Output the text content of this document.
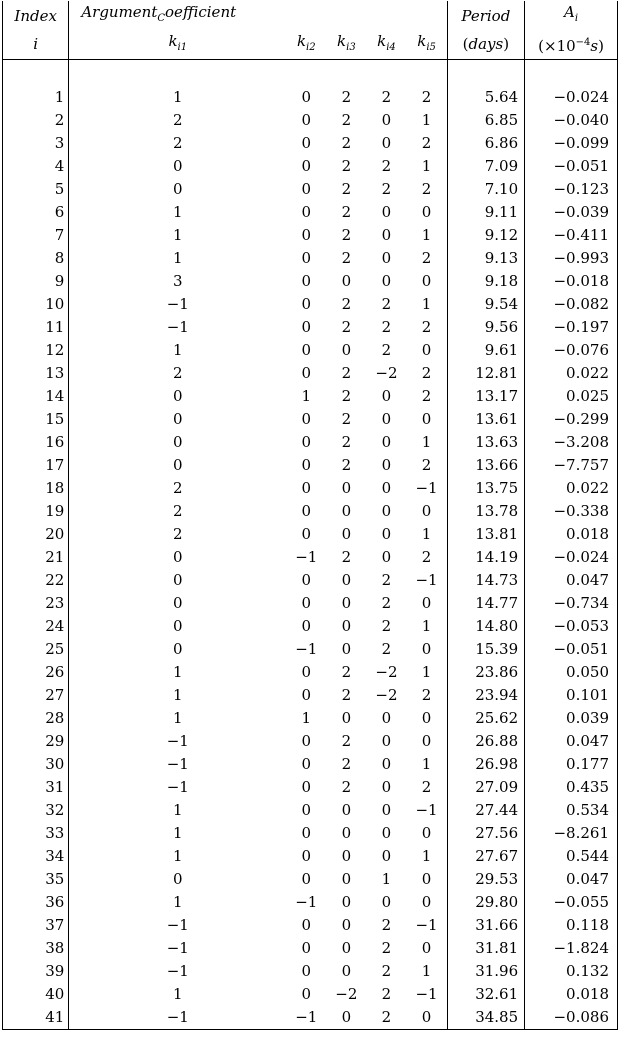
Index	Argument$_C$oefficient					Period	$A_i$
i	$k_{i1}$	$k_{i2}$	$k_{i3}$	$k_{i4}$	$k_{i5}$	(days)	$(\times 10^{-4}s)$

1	1	0	2	2	2	5.64	−0.024
2	2	0	2	0	1	6.85	−0.040
3	2	0	2	0	2	6.86	−0.099
4	0	0	2	2	1	7.09	−0.051
5	0	0	2	2	2	7.10	−0.123
6	1	0	2	0	0	9.11	−0.039
7	1	0	2	0	1	9.12	−0.411
8	1	0	2	0	2	9.13	−0.993
9	3	0	0	0	0	9.18	−0.018
10	−1	0	2	2	1	9.54	−0.082
11	−1	0	2	2	2	9.56	−0.197
12	1	0	0	2	0	9.61	−0.076
13	2	0	2	−2	2	12.81	0.022
14	0	1	2	0	2	13.17	0.025
15	0	0	2	0	0	13.61	−0.299
16	0	0	2	0	1	13.63	−3.208
17	0	0	2	0	2	13.66	−7.757
18	2	0	0	0	−1	13.75	0.022
19	2	0	0	0	0	13.78	−0.338
20	2	0	0	0	1	13.81	0.018
21	0	−1	2	0	2	14.19	−0.024
22	0	0	0	2	−1	14.73	0.047
23	0	0	0	2	0	14.77	−0.734
24	0	0	0	2	1	14.80	−0.053
25	0	−1	0	2	0	15.39	−0.051
26	1	0	2	−2	1	23.86	0.050
27	1	0	2	−2	2	23.94	0.101
28	1	1	0	0	0	25.62	0.039
29	−1	0	2	0	0	26.88	0.047
30	−1	0	2	0	1	26.98	0.177
31	−1	0	2	0	2	27.09	0.435
32	1	0	0	0	−1	27.44	0.534
33	1	0	0	0	0	27.56	−8.261
34	1	0	0	0	1	27.67	0.544
35	0	0	0	1	0	29.53	0.047
36	1	−1	0	0	0	29.80	−0.055
37	−1	0	0	2	−1	31.66	0.118
38	−1	0	0	2	0	31.81	−1.824
39	−1	0	0	2	1	31.96	0.132
40	1	0	−2	2	−1	32.61	0.018
41	−1	−1	0	2	0	34.85	−0.086
